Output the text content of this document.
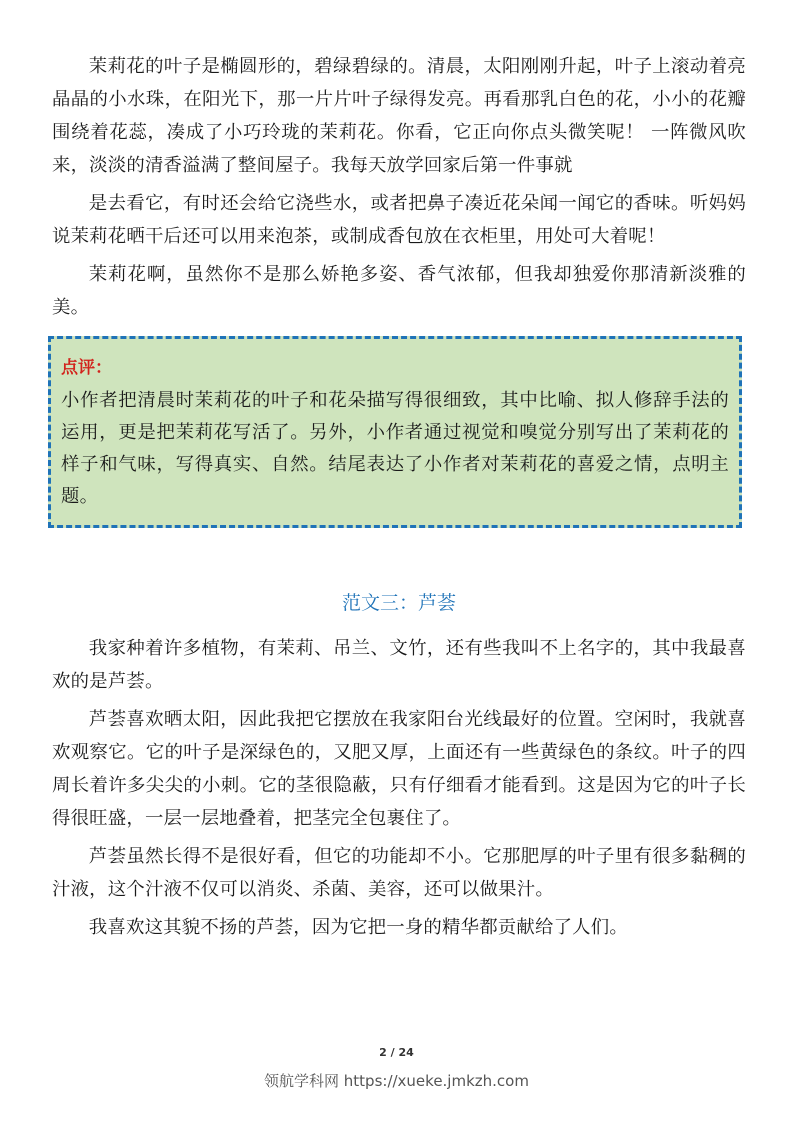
茉莉花的叶子是椭圆形的，碧绿碧绿的。清晨，太阳刚刚升起，叶子上滚动着亮晶晶的小水珠，在阳光下，那一片片叶子绿得发亮。再看那乳白色的花，小小的花瓣围绕着花蕊，凑成了小巧玲珑的茉莉花。你看，它正向你点头微笑呢！ 一阵微风吹来，淡淡的清香溢满了整间屋子。我每天放学回家后第一件事就

是去看它，有时还会给它浇些水，或者把鼻子凑近花朵闻一闻它的香味。听妈妈说茉莉花晒干后还可以用来泡茶，或制成香包放在衣柜里，用处可大着呢！

茉莉花啊，虽然你不是那么娇艳多姿、香气浓郁，但我却独爱你那清新淡雅的美。

点评：

小作者把清晨时茉莉花的叶子和花朵描写得很细致，其中比喻、拟人修辞手法的运用，更是把茉莉花写活了。另外，小作者通过视觉和嗅觉分别写出了茉莉花的样子和气味，写得真实、自然。结尾表达了小作者对茉莉花的喜爱之情，点明主题。

范文三：芦荟

我家种着许多植物，有茉莉、吊兰、文竹，还有些我叫不上名字的，其中我最喜欢的是芦荟。

芦荟喜欢晒太阳，因此我把它摆放在我家阳台光线最好的位置。空闲时，我就喜欢观察它。它的叶子是深绿色的，又肥又厚，上面还有一些黄绿色的条纹。叶子的四周长着许多尖尖的小刺。它的茎很隐蔽，只有仔细看才能看到。这是因为它的叶子长得很旺盛，一层一层地叠着，把茎完全包裹住了。

芦荟虽然长得不是很好看，但它的功能却不小。它那肥厚的叶子里有很多黏稠的汁液，这个汁液不仅可以消炎、杀菌、美容，还可以做果汁。

我喜欢这其貌不扬的芦荟，因为它把一身的精华都贡献给了人们。

2 / 24
领航学科网 https://xueke.jmkzh.com
